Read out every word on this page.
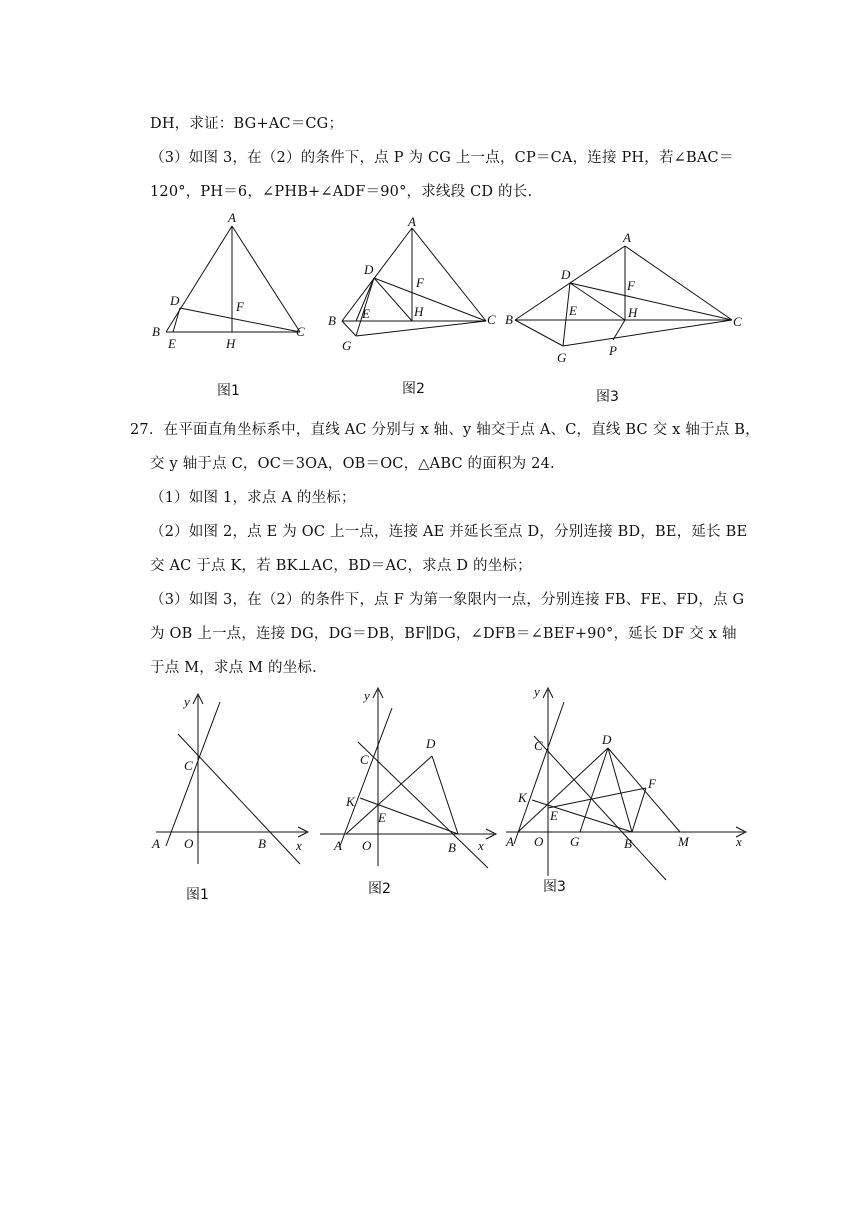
DH，求证：BG+AC＝CG；
（3）如图 3，在（2）的条件下，点 P 为 CG 上一点，CP＝CA，连接 PH，若∠BAC＝
120°，PH＝6，∠PHB+∠ADF＝90°，求线段 CD 的长.
A
D	F
B
E	H
C
图1
A
D
F
B E	H
C
G
图2
A
D
F
B
E	H
C
G	P
图3
27．在平面直角坐标系中，直线 AC 分别与 x 轴、y 轴交于点 A、C，直线 BC 交 x 轴于点 B，
交 y 轴于点 C，OC＝3OA，OB＝OC，△ABC 的面积为 24.
（1）如图 1，求点 A 的坐标；
（2）如图 2，点 E 为 OC 上一点，连接 AE 并延长至点 D，分别连接 BD，BE，延长 BE
交 AC 于点 K，若 BK⊥AC，BD＝AC，求点 D 的坐标；
（3）如图 3，在（2）的条件下，点 F 为第一象限内一点，分别连接 FB、FE、FD，点 G
为 OB 上一点，连接 DG，DG＝DB，BF∥DG，∠DFB＝∠BEF+90°，延长 DF 交 x 轴
于点 M，求点 M 的坐标.
y
C
A O	B x
图1
y
C
D
K
E
A O	B x
图2
y
C	D
K
E
F
A O G	B	M	x
图3
